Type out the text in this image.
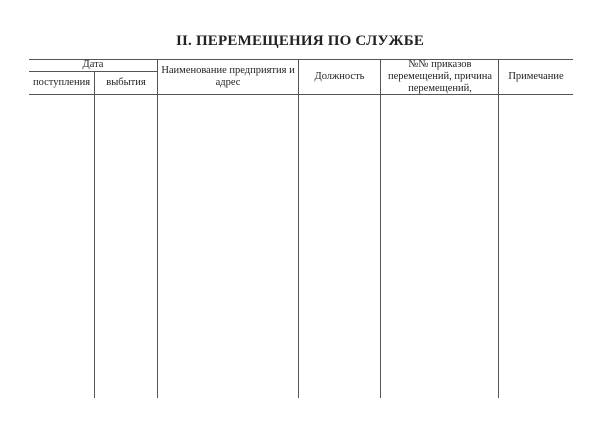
II. ПЕРЕМЕЩЕНИЯ ПО СЛУЖБЕ
Дата
поступления	выбытия
Наименование предприятия и адрес
Должность
№№ приказов перемещений, причина перемещений,
Примечание
